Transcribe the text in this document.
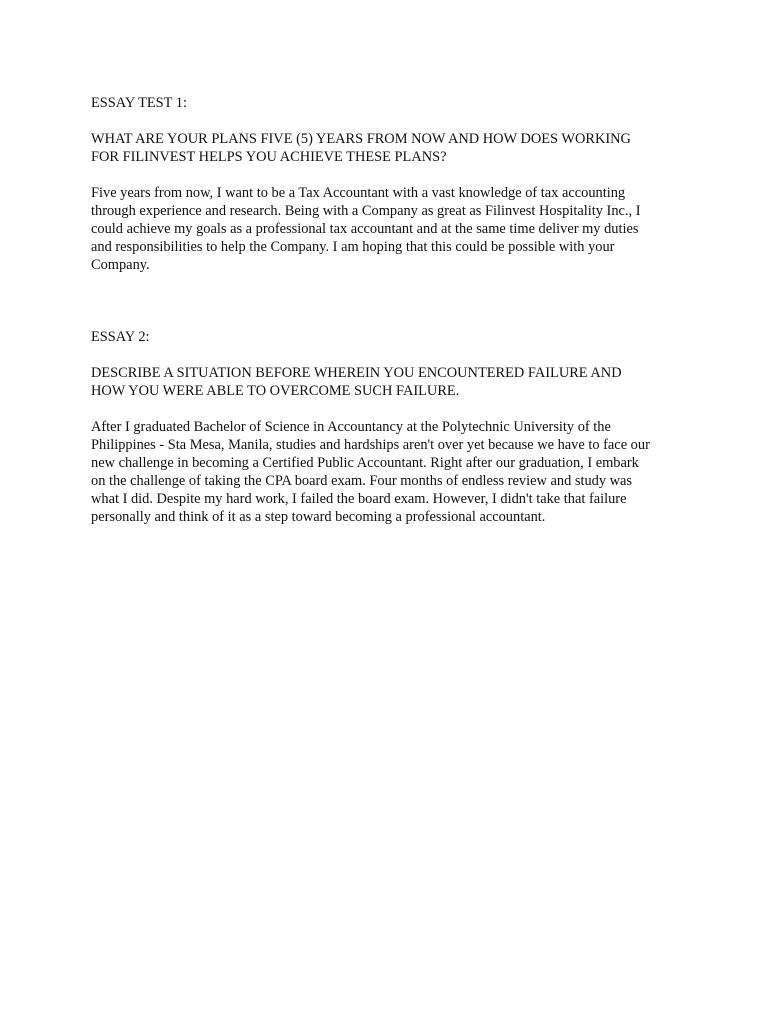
ESSAY TEST 1:
WHAT ARE YOUR PLANS FIVE (5) YEARS FROM NOW AND HOW DOES WORKING
FOR FILINVEST HELPS YOU ACHIEVE THESE PLANS?
Five years from now, I want to be a Tax Accountant with a vast knowledge of tax accounting
through experience and research. Being with a Company as great as Filinvest Hospitality Inc., I
could achieve my goals as a professional tax accountant and at the same time deliver my duties
and responsibilities to help the Company. I am hoping that this could be possible with your
Company.
ESSAY 2:
DESCRIBE A SITUATION BEFORE WHEREIN YOU ENCOUNTERED FAILURE AND
HOW YOU WERE ABLE TO OVERCOME SUCH FAILURE.
After I graduated Bachelor of Science in Accountancy at the Polytechnic University of the
Philippines - Sta Mesa, Manila, studies and hardships aren't over yet because we have to face our
new challenge in becoming a Certified Public Accountant. Right after our graduation, I embark
on the challenge of taking the CPA board exam. Four months of endless review and study was
what I did. Despite my hard work, I failed the board exam. However, I didn't take that failure
personally and think of it as a step toward becoming a professional accountant.
